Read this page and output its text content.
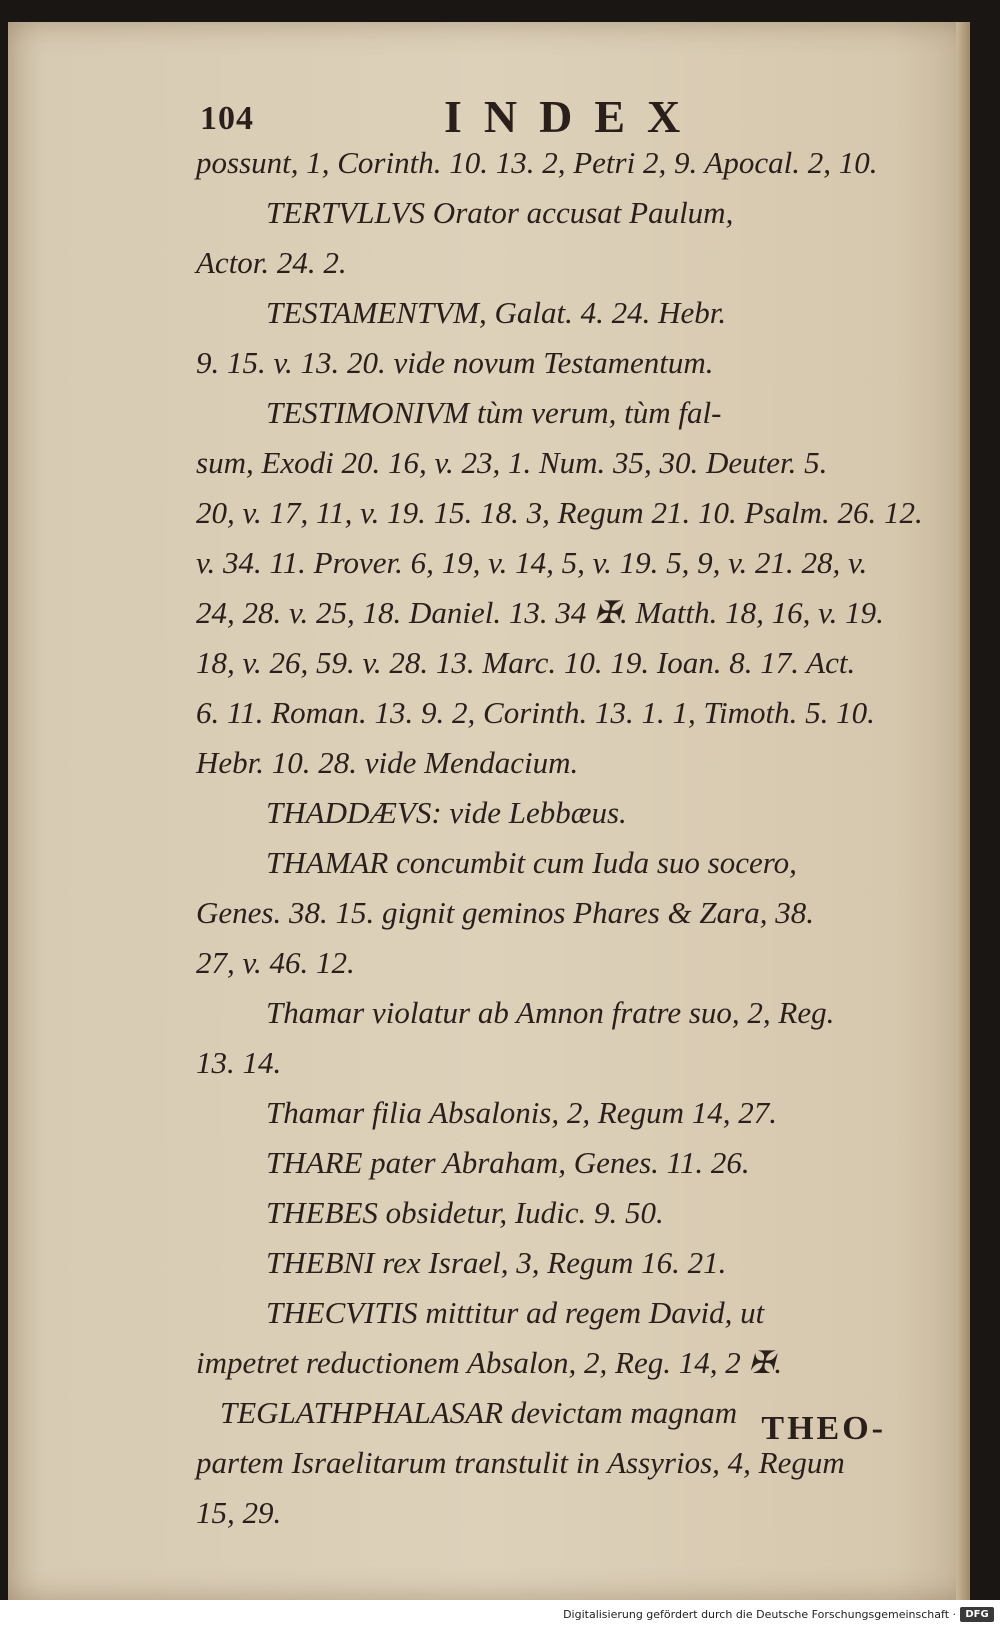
104	INDEX
possunt, 1, Corinth. 10. 13. 2, Petri 2, 9. Apocal. 2, 10.
TERTVLLVS Orator accusat Paulum,
Actor. 24. 2.
TESTAMENTVM, Galat. 4. 24. Hebr.
9. 15. v. 13. 20. vide novum Testamentum.
TESTIMONIVM tùm verum, tùm fal-
sum, Exodi 20. 16, v. 23, 1. Num. 35, 30. Deuter. 5.
20, v. 17, 11, v. 19. 15. 18. 3, Regum 21. 10. Psalm. 26. 12.
v. 34. 11. Prover. 6, 19, v. 14, 5, v. 19. 5, 9, v. 21. 28, v.
24, 28. v. 25, 18. Daniel. 13. 34 ✠. Matth. 18, 16, v. 19.
18, v. 26, 59. v. 28. 13. Marc. 10. 19. Ioan. 8. 17. Act.
6. 11. Roman. 13. 9. 2, Corinth. 13. 1. 1, Timoth. 5. 10.
Hebr. 10. 28. vide Mendacium.
THADDÆVS: vide Lebbæus.
THAMAR concumbit cum Iuda suo socero,
Genes. 38. 15. gignit geminos Phares & Zara, 38.
27, v. 46. 12.
Thamar violatur ab Amnon fratre suo, 2, Reg.
13. 14.
Thamar filia Absalonis, 2, Regum 14, 27.
THARE pater Abraham, Genes. 11. 26.
THEBES obsidetur, Iudic. 9. 50.
THEBNI rex Israel, 3, Regum 16. 21.
THECVITIS mittitur ad regem David, ut
impetret reductionem Absalon, 2, Reg. 14, 2 ✠.
TEGLATHPHALASAR devictam magnam
partem Israelitarum transtulit in Assyrios, 4, Regum
15, 29.
THEO-
Digitalisierung gefördert durch die Deutsche Forschungsgemeinschaft · DFG
